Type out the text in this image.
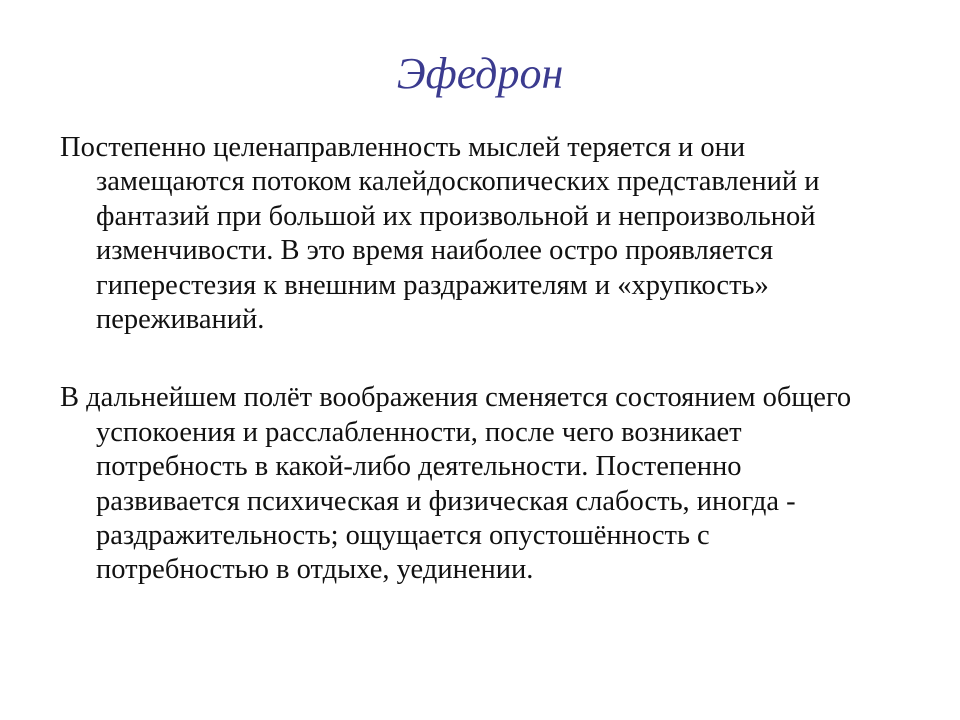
Эфедрон

Постепенно целенаправленность мыслей теряется и они замещаются потоком калейдоскопических представлений и фантазий при большой их произвольной и непроизвольной изменчивости. В это время наиболее остро проявляется гиперестезия к внешним раздражителям и «хрупкость» переживаний.

В дальнейшем полёт воображения сменяется состоянием общего успокоения и расслабленности, после чего возникает потребность в какой-либо деятельности. Постепенно развивается психическая и физическая слабость, иногда - раздражительность; ощущается опустошённость с потребностью в отдыхе, уединении.
